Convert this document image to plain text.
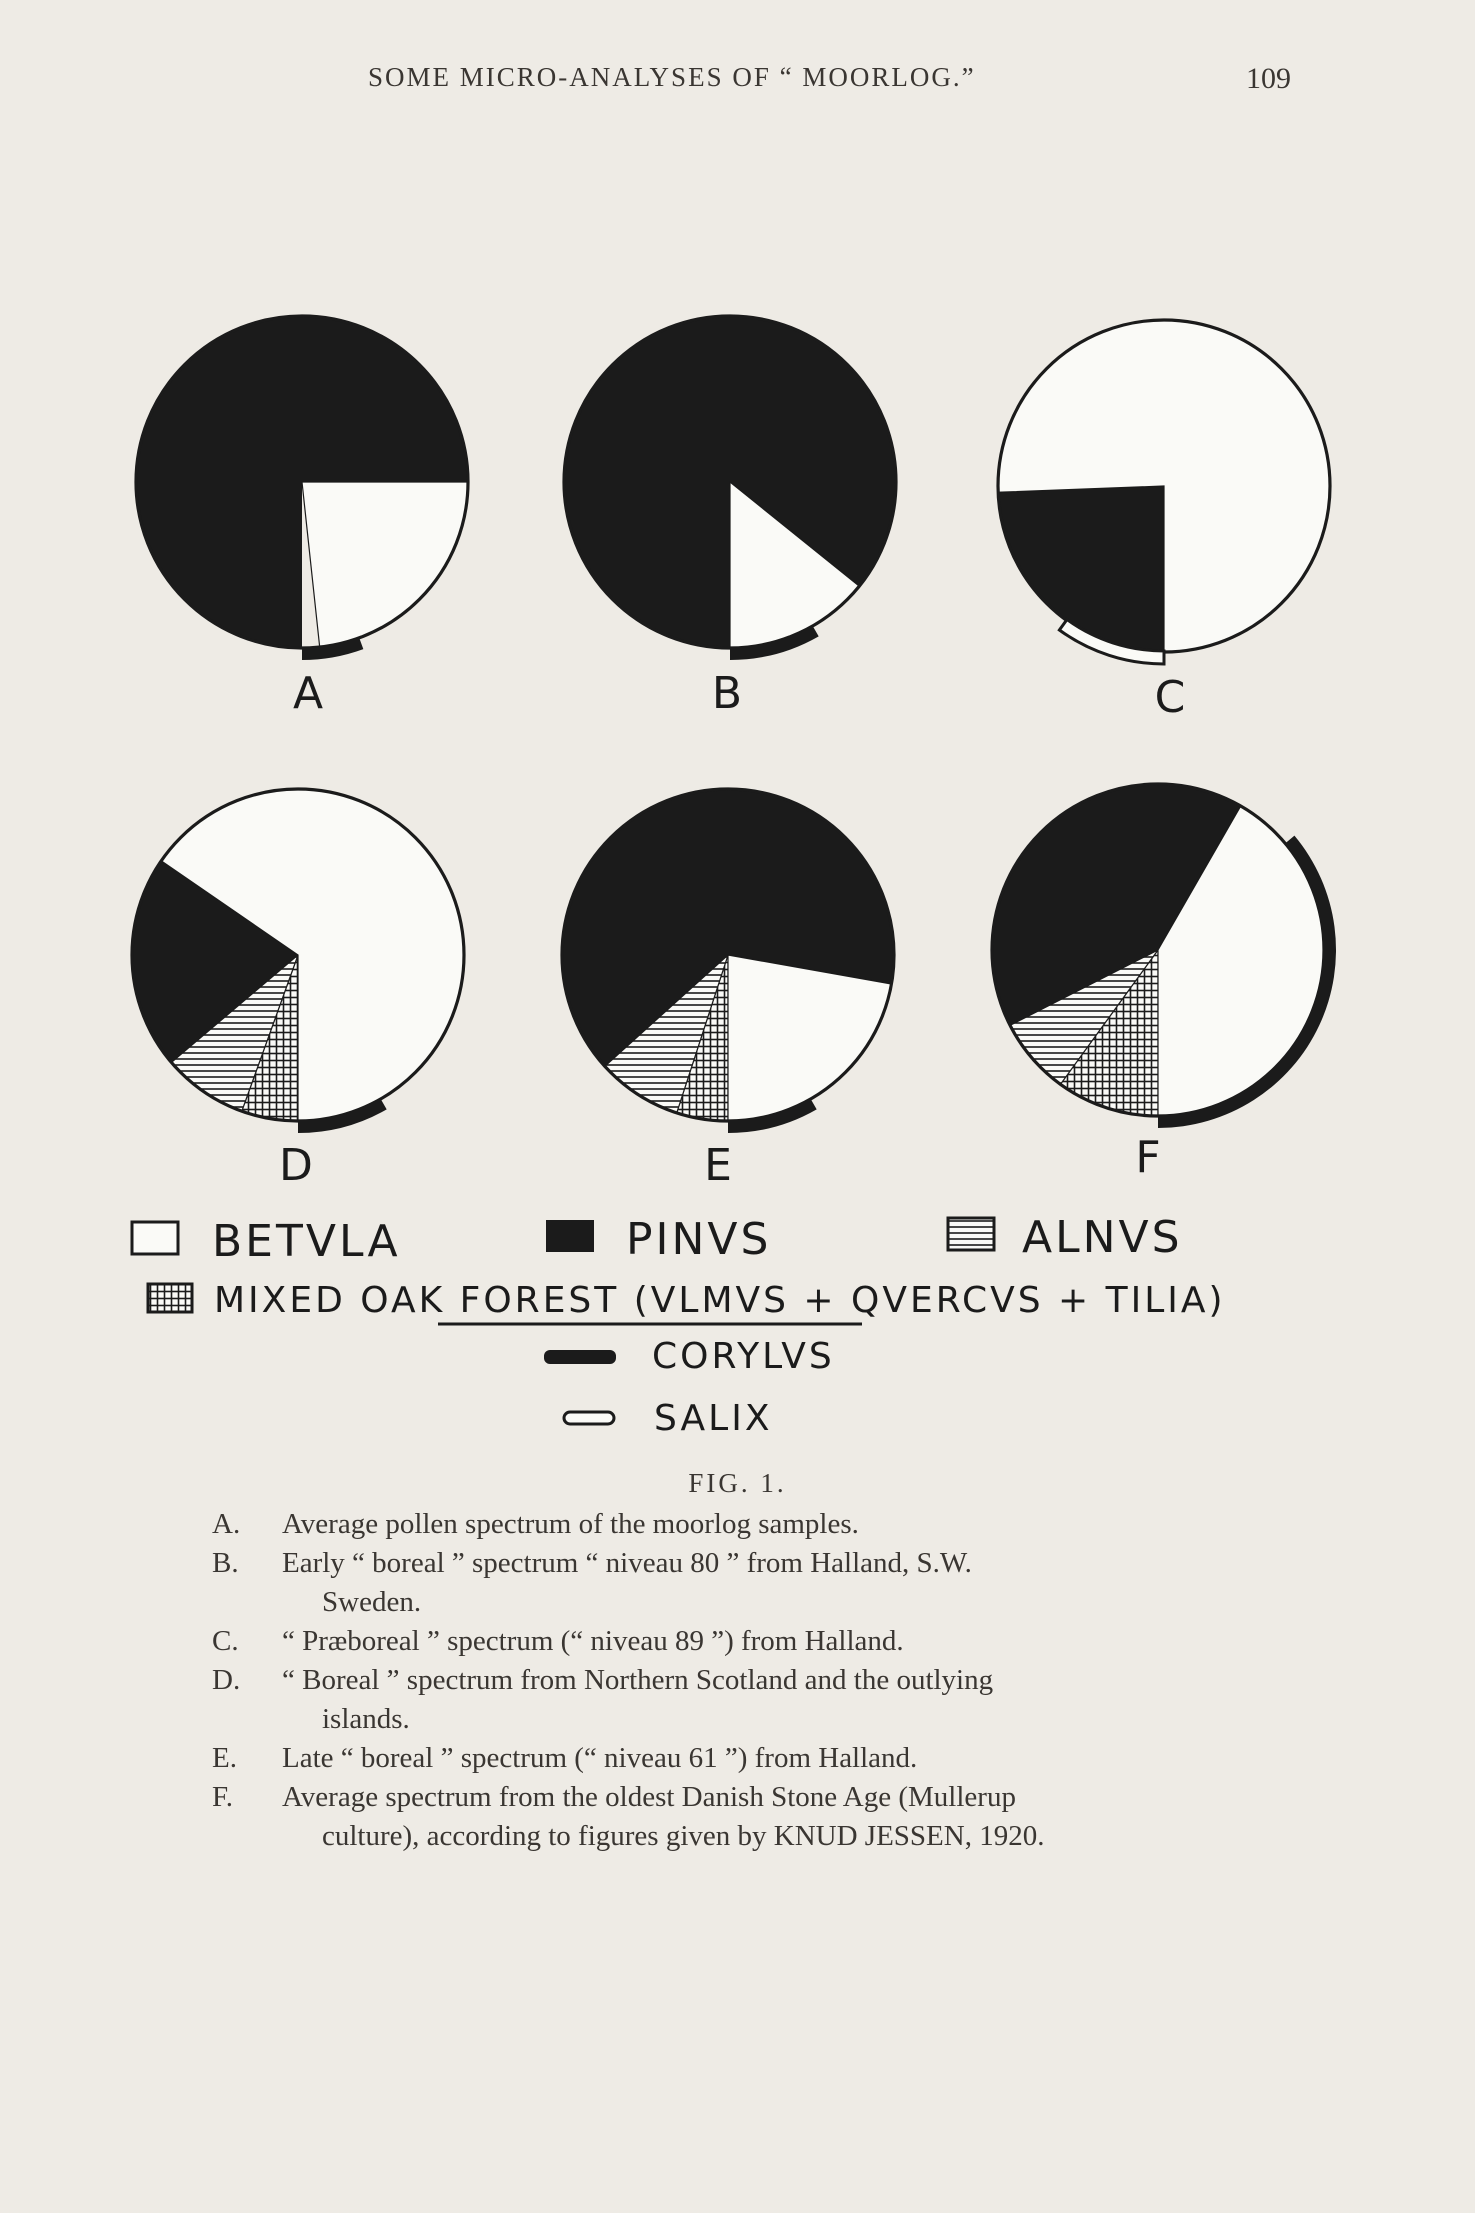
SOME MICRO-ANALYSES OF “ MOORLOG.”	109
A	B	C
D	E	F
BETVLA	PINVS	ALNVS
MIXED OAK FOREST (VLMVS + QVERCVS + TILIA)
CORYLVS
SALIX
FIG. 1.
A.	Average pollen spectrum of the moorlog samples.
B.	Early “ boreal ” spectrum “ niveau 80 ” from Halland, S.W.
Sweden.
C.	“ Præboreal ” spectrum (“ niveau 89 ”) from Halland.
D.	“ Boreal ” spectrum from Northern Scotland and the outlying
islands.
E.	Late “ boreal ” spectrum (“ niveau 61 ”) from Halland.
F.	Average spectrum from the oldest Danish Stone Age (Mullerup
culture), according to figures given by KNUD JESSEN, 1920.
